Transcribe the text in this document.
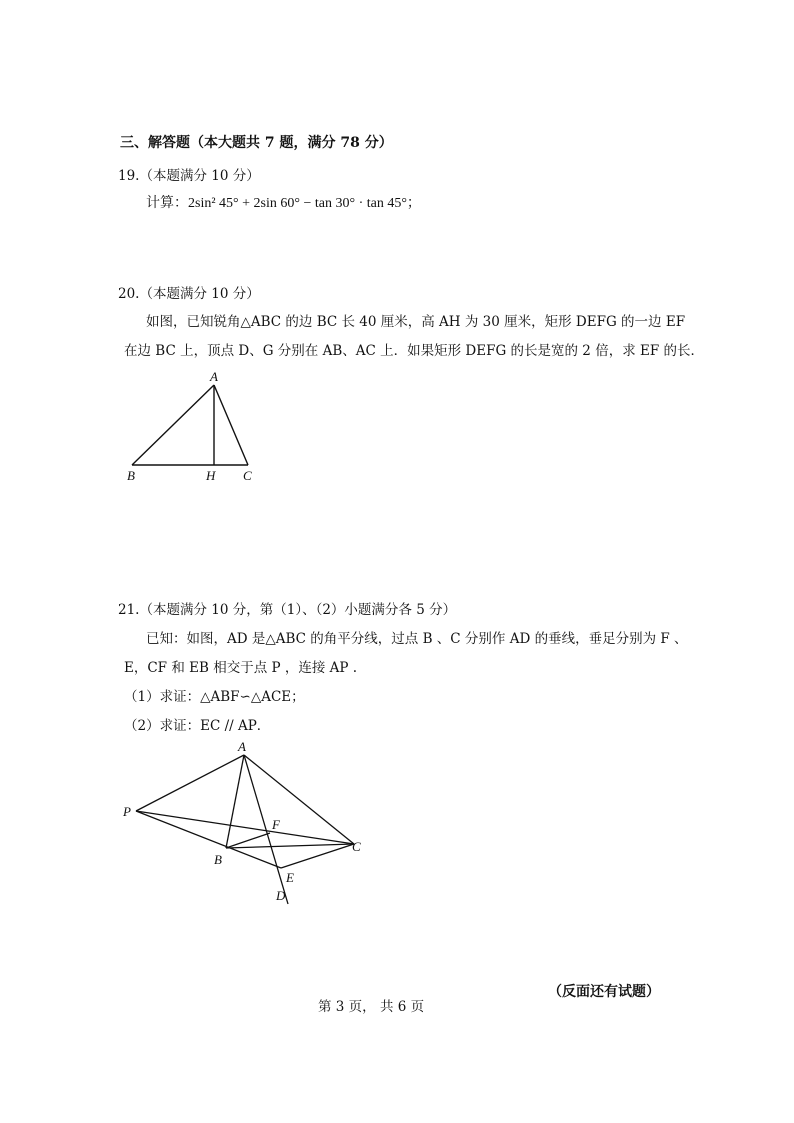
三、解答题（本大题共 7 题，满分 78 分）
19.（本题满分 10 分）
计算：2sin² 45° + 2sin 60° − tan 30° · tan 45°；
20.（本题满分 10 分）
如图，已知锐角△ABC 的边 BC 长 40 厘米，高 AH 为 30 厘米，矩形 DEFG 的一边 EF
在边 BC 上，顶点 D、G 分别在 AB、AC 上．如果矩形 DEFG 的长是宽的 2 倍，求 EF 的长．
A
B	H C
21.（本题满分 10 分，第（1）、（2）小题满分各 5 分）
已知：如图，AD 是△ABC 的角平分线，过点 B 、C 分别作 AD 的垂线，垂足分别为 F 、
E，CF 和 EB 相交于点 P ，连接 AP .
（1）求证：△ABF∽△ACE；
（2）求证：EC // AP．
A
P
F
C
B
E
D
第 3 页， 共 6 页
（反面还有试题）
